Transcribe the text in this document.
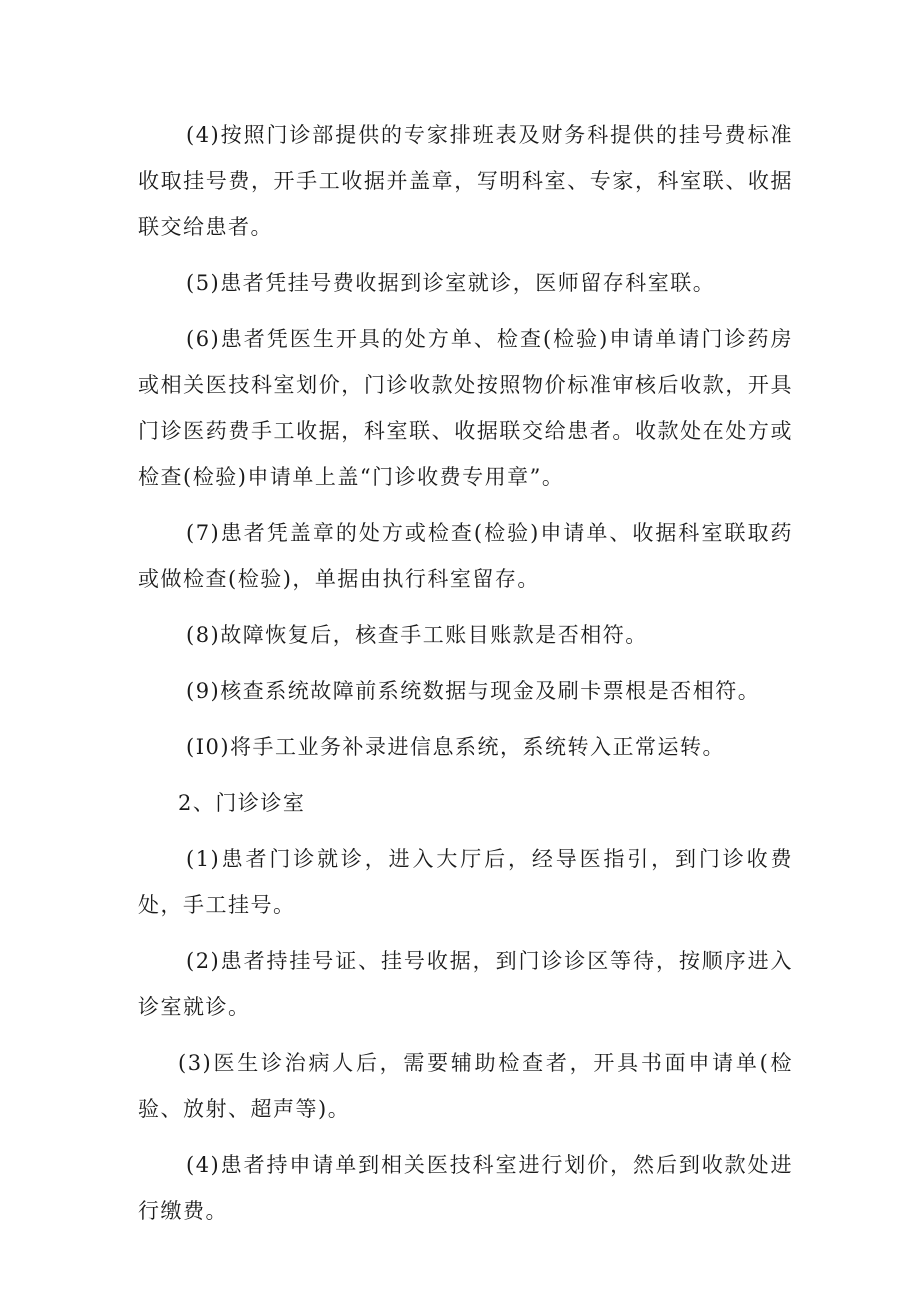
(4)按照门诊部提供的专家排班表及财务科提供的挂号费标准收取挂号费，开手工收据并盖章，写明科室、专家，科室联、收据联交给患者。

(5)患者凭挂号费收据到诊室就诊，医师留存科室联。

(6)患者凭医生开具的处方单、检查(检验)申请单请门诊药房或相关医技科室划价，门诊收款处按照物价标准审核后收款，开具门诊医药费手工收据，科室联、收据联交给患者。收款处在处方或检查(检验)申请单上盖“门诊收费专用章”。

(7)患者凭盖章的处方或检查(检验)申请单、收据科室联取药或做检查(检验)，单据由执行科室留存。

(8)故障恢复后，核查手工账目账款是否相符。

(9)核查系统故障前系统数据与现金及刷卡票根是否相符。

(I0)将手工业务补录进信息系统，系统转入正常运转。

2、门诊诊室

(1)患者门诊就诊，进入大厅后，经导医指引，到门诊收费处，手工挂号。

(2)患者持挂号证、挂号收据，到门诊诊区等待，按顺序进入诊室就诊。

(3)医生诊治病人后，需要辅助检查者，开具书面申请单(检验、放射、超声等)。

(4)患者持申请单到相关医技科室进行划价，然后到收款处进行缴费。
